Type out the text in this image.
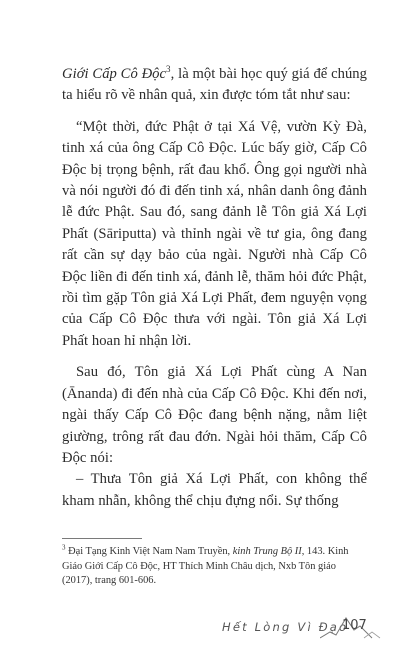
Giới Cấp Cô Độc$^3$, là một bài học quý giá để chúng ta hiểu rõ về nhân quả, xin được tóm tắt như sau:

“Một thời, đức Phật ở tại Xá Vệ, vườn Kỳ Đà, tinh xá của ông Cấp Cô Độc. Lúc bấy giờ, Cấp Cô Độc bị trọng bệnh, rất đau khổ. Ông gọi người nhà và nói người đó đi đến tinh xá, nhân danh ông đảnh lễ đức Phật. Sau đó, sang đảnh lễ Tôn giả Xá Lợi Phất (Sāriputta) và thỉnh ngài về tư gia, ông đang rất cần sự dạy bảo của ngài. Người nhà Cấp Cô Độc liền đi đến tinh xá, đảnh lễ, thăm hỏi đức Phật, rồi tìm gặp Tôn giả Xá Lợi Phất, đem nguyện vọng của Cấp Cô Độc thưa với ngài. Tôn giả Xá Lợi Phất hoan hỉ nhận lời.

Sau đó, Tôn giả Xá Lợi Phất cùng A Nan (Ānanda) đi đến nhà của Cấp Cô Độc. Khi đến nơi, ngài thấy Cấp Cô Độc đang bệnh nặng, nằm liệt giường, trông rất đau đớn. Ngài hỏi thăm, Cấp Cô Độc nói:

– Thưa Tôn giả Xá Lợi Phất, con không thể kham nhẫn, không thể chịu đựng nổi. Sự thống

$^3$ Đại Tạng Kinh Việt Nam Nam Truyền, kinh Trung Bộ II, 143. Kinh Giáo Giới Cấp Cô Độc, HT Thích Minh Châu dịch, Nxb Tôn giáo (2017), trang 601-606.
Hết Lòng Vì Đạo
107
